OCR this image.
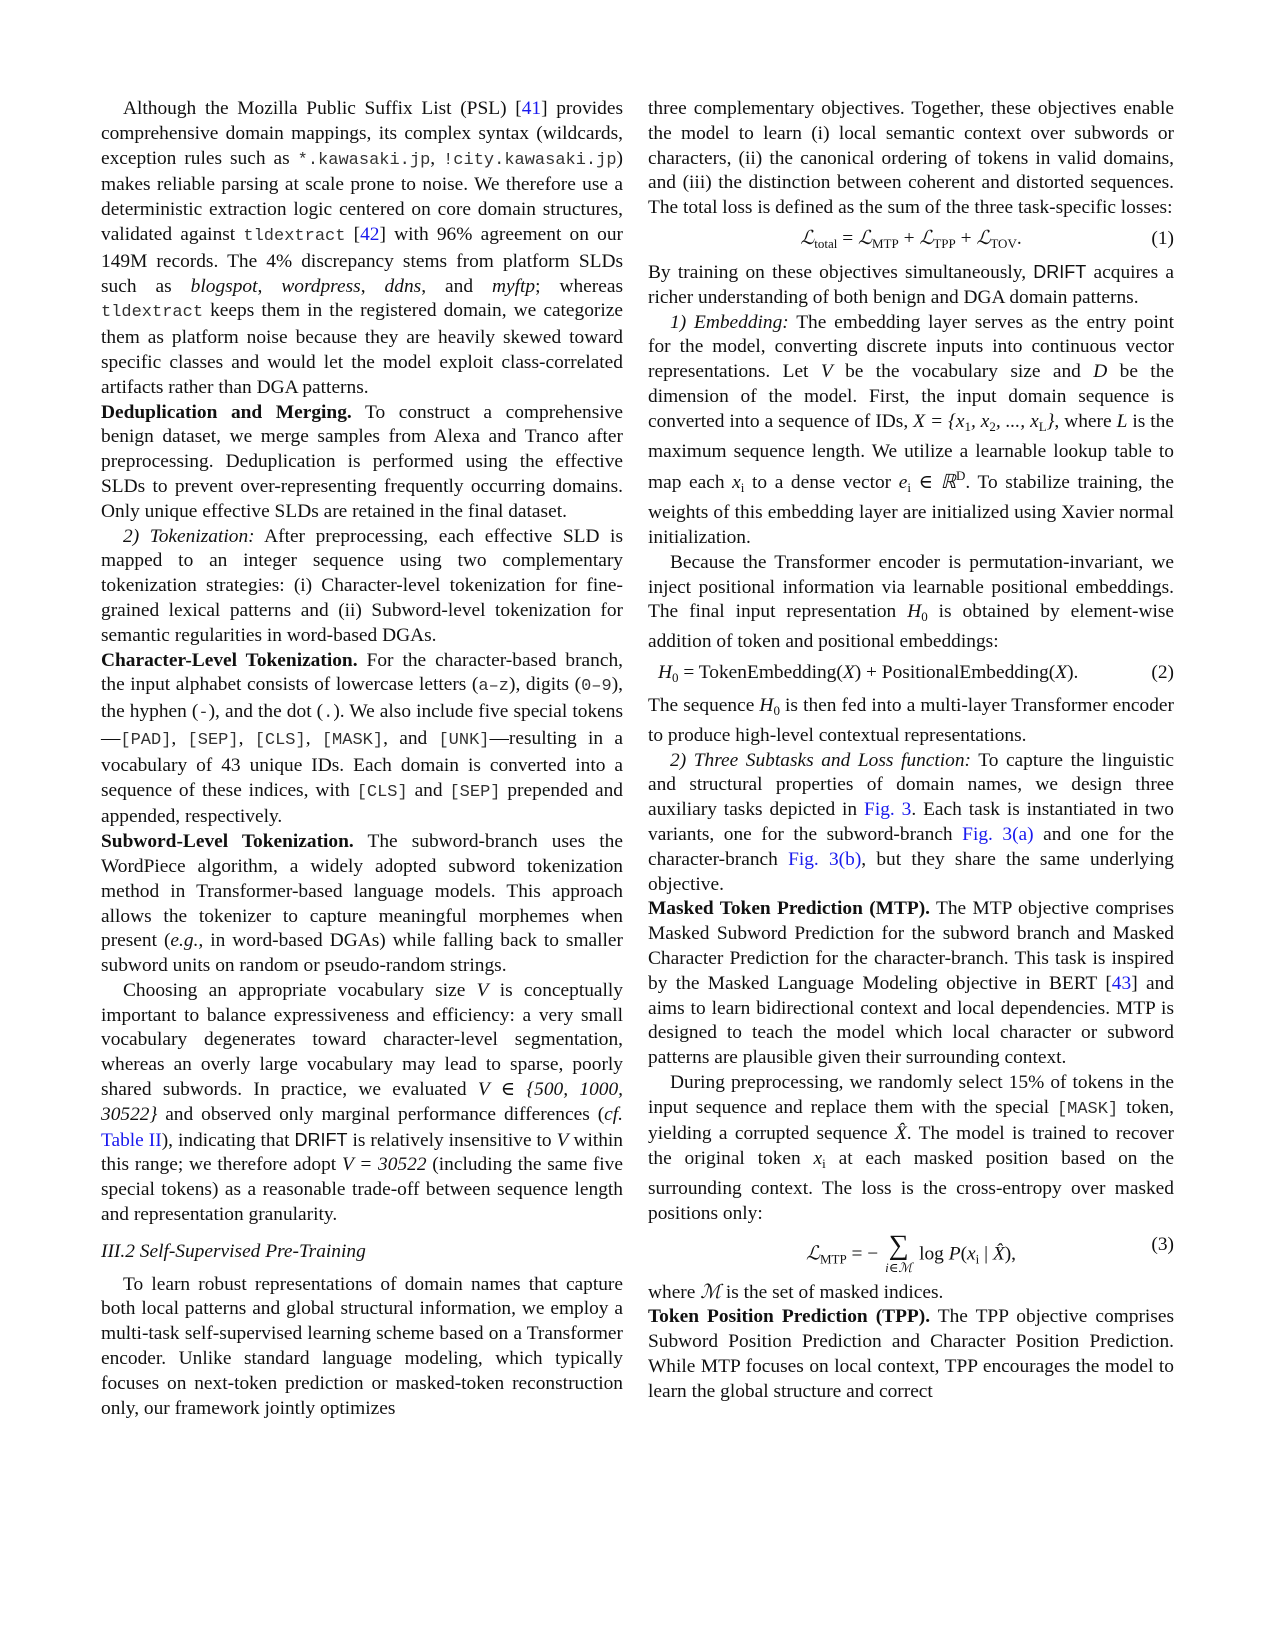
Although the Mozilla Public Suffix List (PSL) [41] provides comprehensive domain mappings, its complex syntax (wildcards, exception rules such as *.kawasaki.jp, !city.kawasaki.jp) makes reliable parsing at scale prone to noise. We therefore use a deterministic extraction logic centered on core domain structures, validated against tldextract [42] with 96% agreement on our 149M records. The 4% discrepancy stems from platform SLDs such as blogspot, wordpress, ddns, and myftp; whereas tldextract keeps them in the registered domain, we categorize them as platform noise because they are heavily skewed toward specific classes and would let the model exploit class-correlated artifacts rather than DGA patterns.

Deduplication and Merging. To construct a comprehensive benign dataset, we merge samples from Alexa and Tranco after preprocessing. Deduplication is performed using the effective SLDs to prevent over-representing frequently occurring domains. Only unique effective SLDs are retained in the final dataset.

2) Tokenization: After preprocessing, each effective SLD is mapped to an integer sequence using two complementary tokenization strategies: (i) Character-level tokenization for fine-grained lexical patterns and (ii) Subword-level tokenization for semantic regularities in word-based DGAs.

Character-Level Tokenization. For the character-based branch, the input alphabet consists of lowercase letters (a–z), digits (0–9), the hyphen (-), and the dot (.). We also include five special tokens—[PAD], [SEP], [CLS], [MASK], and [UNK]—resulting in a vocabulary of 43 unique IDs. Each domain is converted into a sequence of these indices, with [CLS] and [SEP] prepended and appended, respectively.

Subword-Level Tokenization. The subword-branch uses the WordPiece algorithm, a widely adopted subword tokenization method in Transformer-based language models. This approach allows the tokenizer to capture meaningful morphemes when present (e.g., in word-based DGAs) while falling back to smaller subword units on random or pseudo-random strings.

Choosing an appropriate vocabulary size V is conceptually important to balance expressiveness and efficiency: a very small vocabulary degenerates toward character-level segmentation, whereas an overly large vocabulary may lead to sparse, poorly shared subwords. In practice, we evaluated V ∈ {500, 1000, 30522} and observed only marginal performance differences (cf. Table II), indicating that DRIFT is relatively insensitive to V within this range; we therefore adopt V = 30522 (including the same five special tokens) as a reasonable trade-off between sequence length and representation granularity.

III.2 Self-Supervised Pre-Training

To learn robust representations of domain names that capture both local patterns and global structural information, we employ a multi-task self-supervised learning scheme based on a Transformer encoder. Unlike standard language modeling, which typically focuses on next-token prediction or masked-token reconstruction only, our framework jointly optimizes

three complementary objectives. Together, these objectives enable the model to learn (i) local semantic context over subwords or characters, (ii) the canonical ordering of tokens in valid domains, and (iii) the distinction between coherent and distorted sequences. The total loss is defined as the sum of the three task-specific losses:

ℒ$_{total}$ = ℒ$_{MTP}$ + ℒ$_{TPP}$ + ℒ$_{TOV}$.	(1)

By training on these objectives simultaneously, DRIFT acquires a richer understanding of both benign and DGA domain patterns.

1) Embedding: The embedding layer serves as the entry point for the model, converting discrete inputs into continuous vector representations. Let V be the vocabulary size and D be the dimension of the model. First, the input domain sequence is converted into a sequence of IDs, $X = \{x_1$, $x_2$, ..., $x_L$}, where L is the maximum sequence length. We utilize a learnable lookup table to map each $x_i$ to a dense vector $e_i$ ∈ ℝ$^D$. To stabilize training, the weights of this embedding layer are initialized using Xavier normal initialization.

Because the Transformer encoder is permutation-invariant, we inject positional information via learnable positional embeddings. The final input representation $H_0$ is obtained by element-wise addition of token and positional embeddings:

$H_0$ = TokenEmbedding(X) + PositionalEmbedding(X).	(2)

The sequence $H_0$ is then fed into a multi-layer Transformer encoder to produce high-level contextual representations.

2) Three Subtasks and Loss function: To capture the linguistic and structural properties of domain names, we design three auxiliary tasks depicted in Fig. 3. Each task is instantiated in two variants, one for the subword-branch Fig. 3(a) and one for the character-branch Fig. 3(b), but they share the same underlying objective.

Masked Token Prediction (MTP). The MTP objective comprises Masked Subword Prediction for the subword branch and Masked Character Prediction for the character-branch. This task is inspired by the Masked Language Modeling objective in BERT [43] and aims to learn bidirectional context and local dependencies. MTP is designed to teach the model which local character or subword patterns are plausible given their surrounding context.

During preprocessing, we randomly select 15% of tokens in the input sequence and replace them with the special [MASK] token, yielding a corrupted sequence X̂. The model is trained to recover the original token $x_i$ at each masked position based on the surrounding context. The loss is the cross-entropy over masked positions only:

ℒ$_{MTP}$ = − ∑
i∈ℳ
$\log P(x_i$ | X̂),	(3)

where ℳ is the set of masked indices.

Token Position Prediction (TPP). The TPP objective comprises Subword Position Prediction and Character Position Prediction. While MTP focuses on local context, TPP encourages the model to learn the global structure and correct
